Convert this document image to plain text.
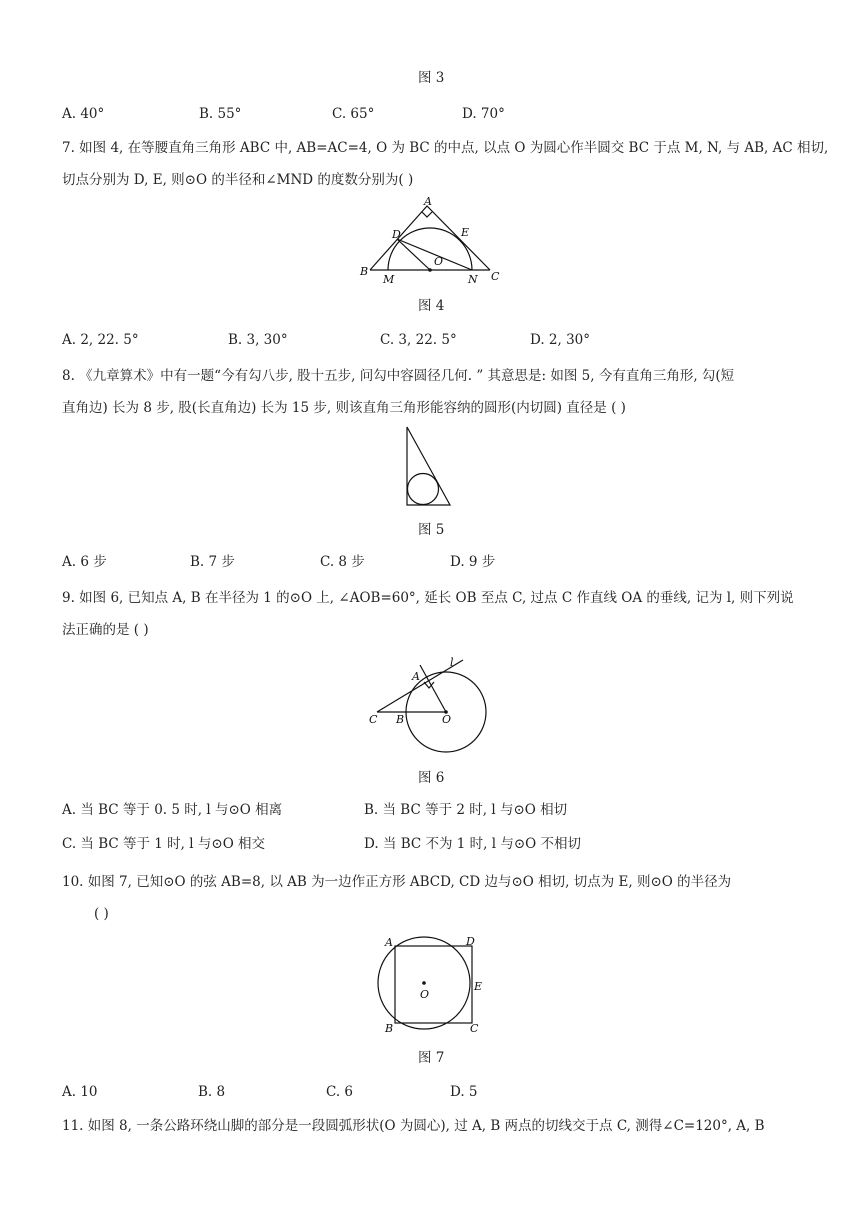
图 3
A. 40°	B. 55°	C. 65°	D. 70°
7. 如图 4, 在等腰直角三角形 ABC 中, AB=AC=4, O 为 BC 的中点, 以点 O 为圆心作半圆交 BC 于点 M, N, 与 AB, AC 相切,
切点分别为 D, E, 则⊙O 的半径和∠MND 的度数分别为( )
A
D	E
O
B
M	N C
图 4
A. 2, 22. 5°	B. 3, 30°	C. 3, 22. 5°	D. 2, 30°
8. 《九章算术》中有一题“今有勾八步, 股十五步, 问勾中容圆径几何. ” 其意思是: 如图 5, 今有直角三角形, 勾(短
直角边) 长为 8 步, 股(长直角边) 长为 15 步, 则该直角三角形能容纳的圆形(内切圆) 直径是 ( )
图 5
A. 6 步	B. 7 步	C. 8 步	D. 9 步
9. 如图 6, 已知点 A, B 在半径为 1 的⊙O 上, ∠AOB=60°, 延长 OB 至点 C, 过点 C 作直线 OA 的垂线, 记为 l, 则下列说
法正确的是 ( )
l
A
C B	O
图 6
A. 当 BC 等于 0. 5 时, l 与⊙O 相离	B. 当 BC 等于 2 时, l 与⊙O 相切
C. 当 BC 等于 1 时, l 与⊙O 相交	D. 当 BC 不为 1 时, l 与⊙O 不相切
10. 如图 7, 已知⊙O 的弦 AB=8, 以 AB 为一边作正方形 ABCD, CD 边与⊙O 相切, 切点为 E, 则⊙O 的半径为
( )
A	D
O
E
B	C
图 7
A. 10	B. 8	C. 6	D. 5
11. 如图 8, 一条公路环绕山脚的部分是一段圆弧形状(O 为圆心), 过 A, B 两点的切线交于点 C, 测得∠C=120°, A, B
